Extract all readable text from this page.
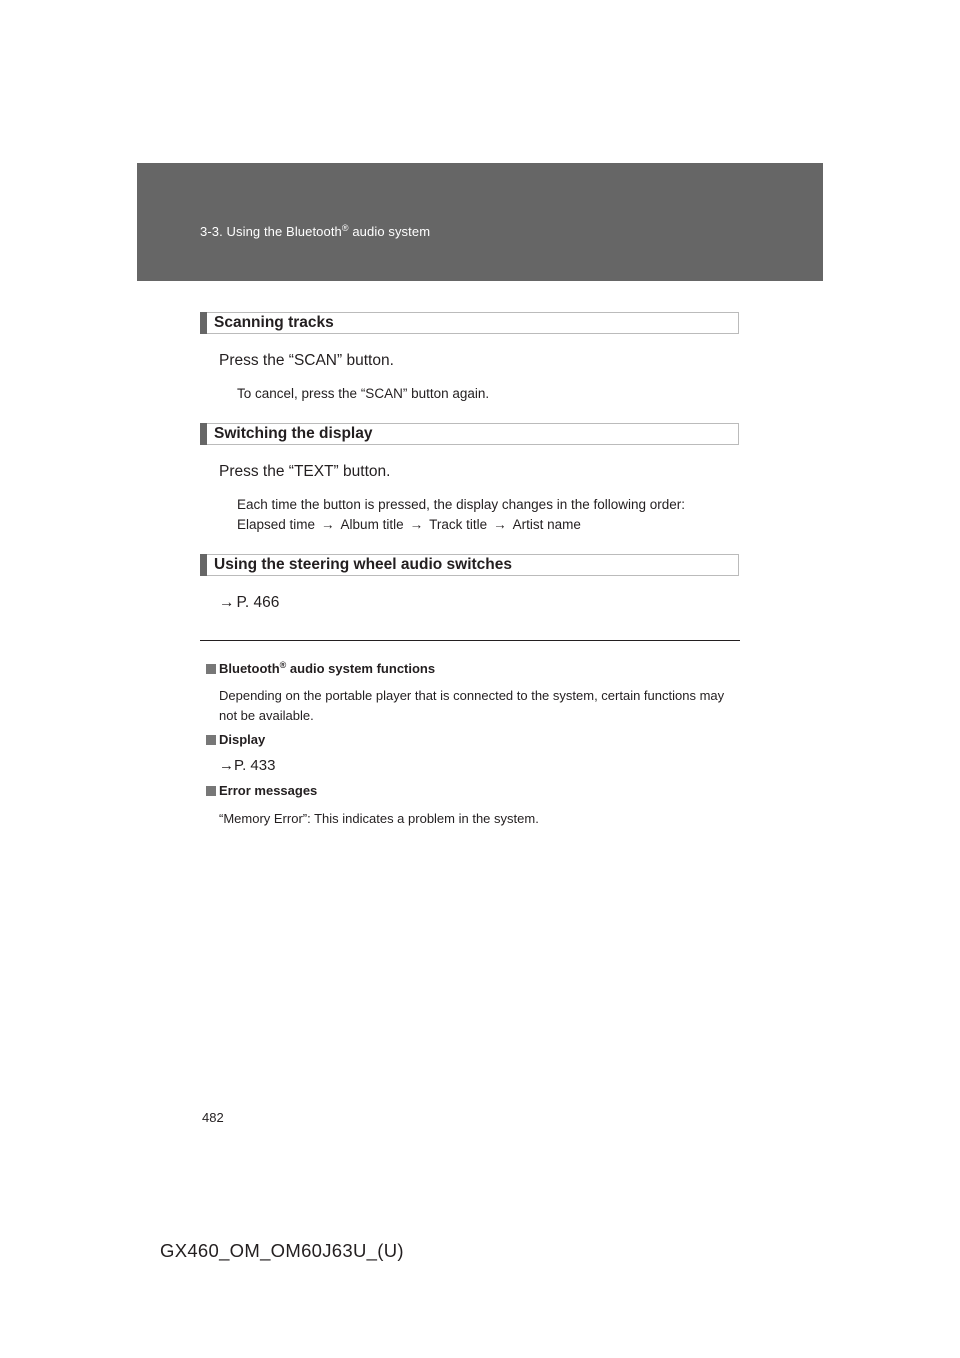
3-3. Using the Bluetooth® audio system
Scanning tracks
Press the “SCAN” button.
To cancel, press the “SCAN” button again.
Switching the display
Press the “TEXT” button.
Each time the button is pressed, the display changes in the following order:
Elapsed time → Album title → Track title → Artist name
Using the steering wheel audio switches
→ P. 466
Bluetooth® audio system functions
Depending on the portable player that is connected to the system, certain functions may not be available.
Display
→P. 433
Error messages
“Memory Error”: This indicates a problem in the system.
482
GX460_OM_OM60J63U_(U)
